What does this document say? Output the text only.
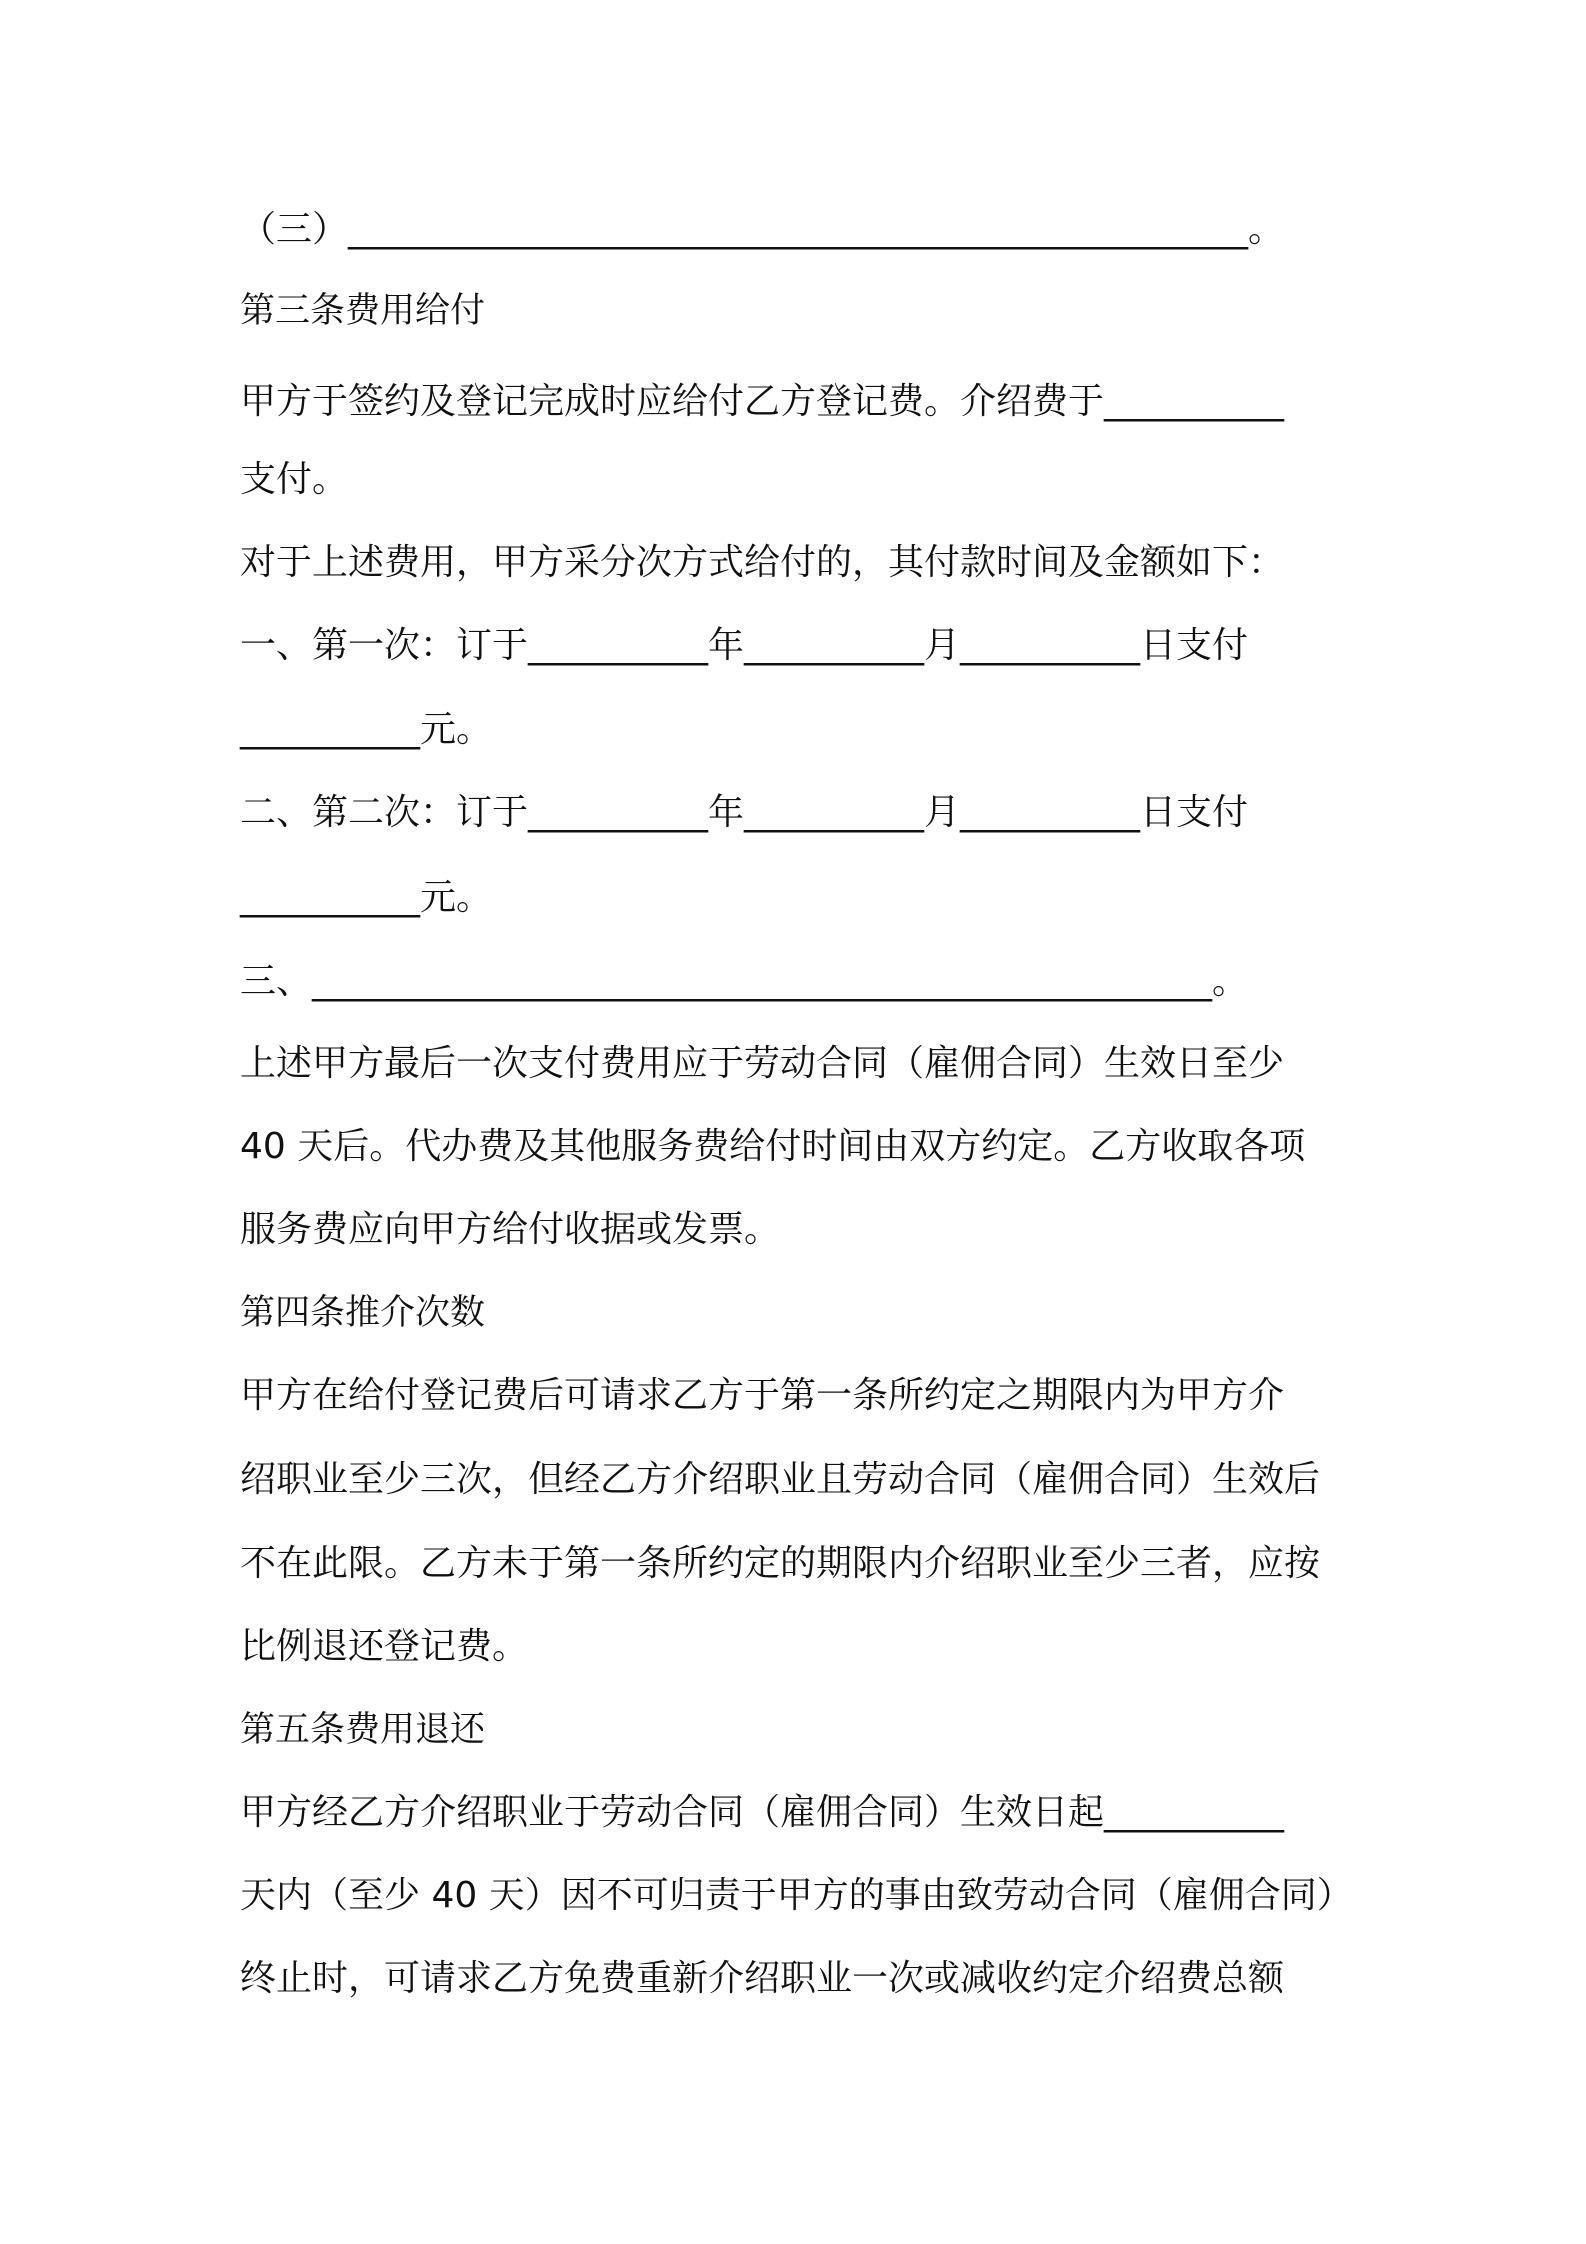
（三）__________________________________________________。
第三条费用给付
甲方于签约及登记完成时应给付乙方登记费。介绍费于__________
支付。
对于上述费用，甲方采分次方式给付的，其付款时间及金额如下：
一、第一次：订于__________年__________月__________日支付
__________元。
二、第二次：订于__________年__________月__________日支付
__________元。
三、__________________________________________________。
上述甲方最后一次支付费用应于劳动合同（雇佣合同）生效日至少
40 天后。代办费及其他服务费给付时间由双方约定。乙方收取各项
服务费应向甲方给付收据或发票。
第四条推介次数
甲方在给付登记费后可请求乙方于第一条所约定之期限内为甲方介
绍职业至少三次，但经乙方介绍职业且劳动合同（雇佣合同）生效后
不在此限。乙方未于第一条所约定的期限内介绍职业至少三者，应按
比例退还登记费。
第五条费用退还
甲方经乙方介绍职业于劳动合同（雇佣合同）生效日起__________
天内（至少 40 天）因不可归责于甲方的事由致劳动合同（雇佣合同）
终止时，可请求乙方免费重新介绍职业一次或减收约定介绍费总额
